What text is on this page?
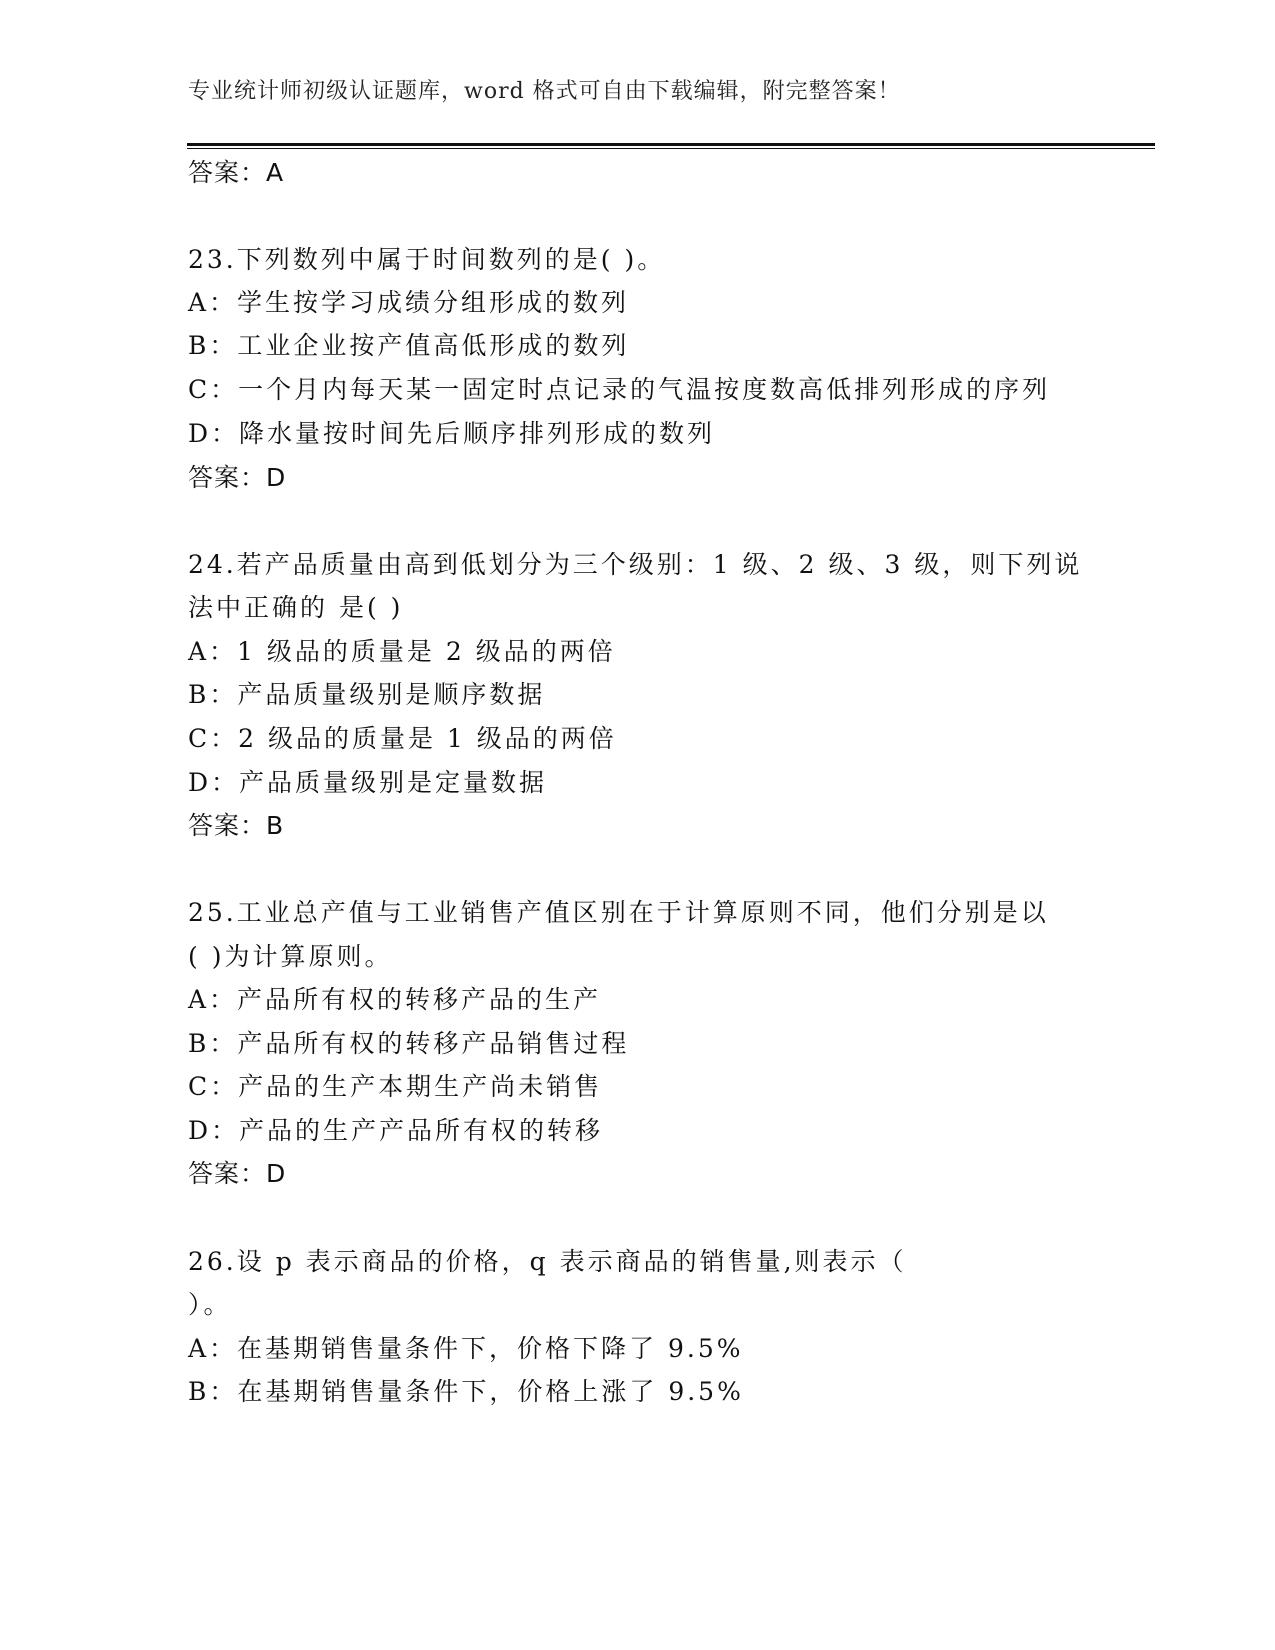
专业统计师初级认证题库，word 格式可自由下载编辑，附完整答案！
答案：A
23.下列数列中属于时间数列的是( )。
A：学生按学习成绩分组形成的数列
B：工业企业按产值高低形成的数列
C：一个月内每天某一固定时点记录的气温按度数高低排列形成的序列
D：降水量按时间先后顺序排列形成的数列
答案：D
24.若产品质量由高到低划分为三个级别：1 级、2 级、3 级，则下列说
法中正确的 是( )
A：1 级品的质量是 2 级品的两倍
B：产品质量级别是顺序数据
C：2 级品的质量是 1 级品的两倍
D：产品质量级别是定量数据
答案：B
25.工业总产值与工业销售产值区别在于计算原则不同，他们分别是以
( )为计算原则。
A：产品所有权的转移产品的生产
B：产品所有权的转移产品销售过程
C：产品的生产本期生产尚未销售
D：产品的生产产品所有权的转移
答案：D
26.设 p 表示商品的价格，q 表示商品的销售量,则表示（
）。
A：在基期销售量条件下，价格下降了 9.5%
B：在基期销售量条件下，价格上涨了 9.5%
